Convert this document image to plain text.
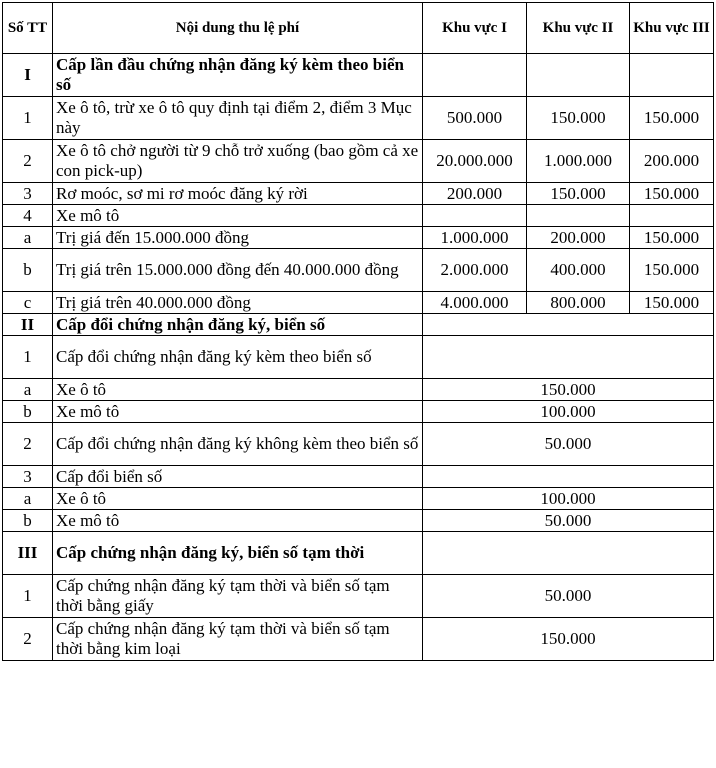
Số TT	Nội dung thu lệ phí	Khu vực I	Khu vực II	Khu vực III
I	Cấp lần đầu chứng nhận đăng ký kèm theo biển số			
1	Xe ô tô, trừ xe ô tô quy định tại điểm 2, điểm 3 Mục này	500.000	150.000	150.000
2	Xe ô tô chở người từ 9 chỗ trở xuống (bao gồm cả xe con pick-up)	20.000.000	1.000.000	200.000
3	Rơ moóc, sơ mi rơ moóc đăng ký rời	200.000	150.000	150.000
4	Xe mô tô			
a	Trị giá đến 15.000.000 đồng	1.000.000	200.000	150.000
b	Trị giá trên 15.000.000 đồng đến 40.000.000 đồng	2.000.000	400.000	150.000
c	Trị giá trên 40.000.000 đồng	4.000.000	800.000	150.000
II	Cấp đổi chứng nhận đăng ký, biển số			
1	Cấp đổi chứng nhận đăng ký kèm theo biển số			
a	Xe ô tô	150.000		
b	Xe mô tô	100.000		
2	Cấp đổi chứng nhận đăng ký không kèm theo biển số	50.000		
3	Cấp đổi biển số			
a	Xe ô tô	100.000		
b	Xe mô tô	50.000		
III	Cấp chứng nhận đăng ký, biển số tạm thời			
1	Cấp chứng nhận đăng ký tạm thời và biển số tạm thời bằng giấy	50.000		
2	Cấp chứng nhận đăng ký tạm thời và biển số tạm thời bằng kim loại	150.000		
